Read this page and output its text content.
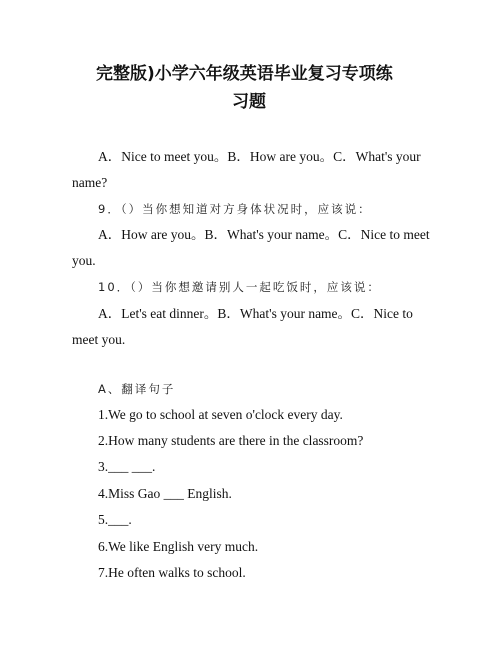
完整版)小学六年级英语毕业复习专项练
习题
A．Nice to meet you。B．How are you。C．What's your
name?
9．（）当你想知道对方身体状况时，应该说：
A．How are you。B．What's your name。C．Nice to meet
you.
10．（）当你想邀请别人一起吃饭时，应该说：
A．Let's eat dinner。B．What's your name。C．Nice to
meet you.
A、翻译句子
1.We go to school at seven o'clock every day.
2.How many students are there in the classroom?
3.___ ___.
4.Miss Gao ___ English.
5.___.
6.We like English very much.
7.He often walks to school.
